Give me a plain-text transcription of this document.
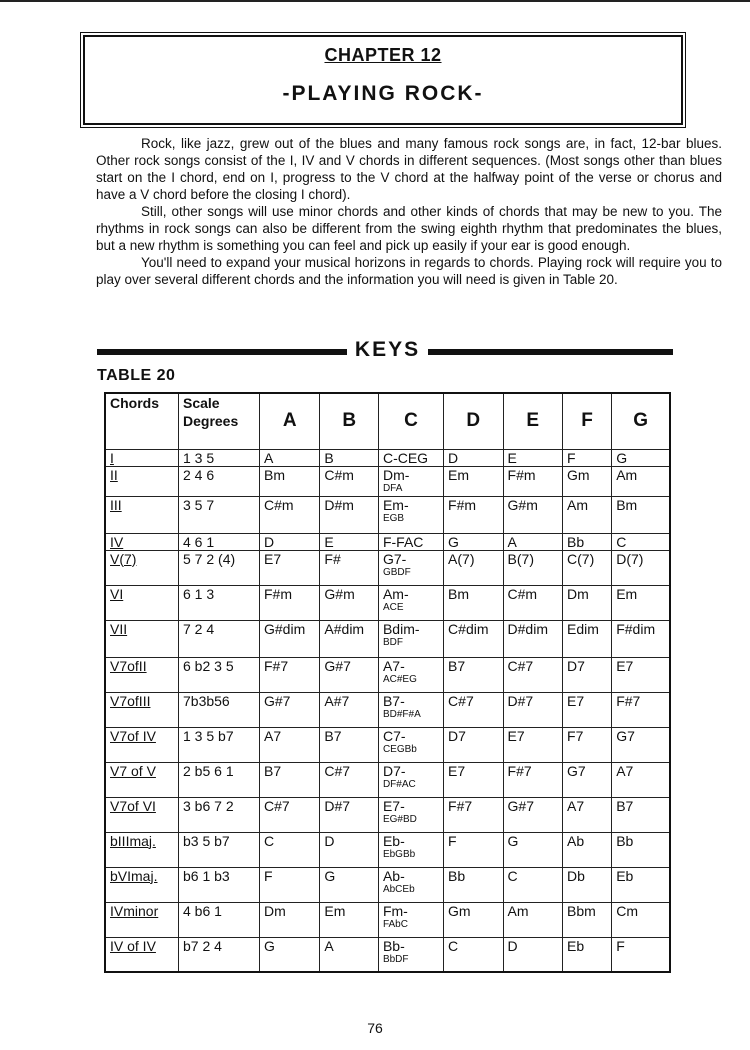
CHAPTER 12
-PLAYING ROCK-

Rock, like jazz, grew out of the blues and many famous rock songs are, in fact, 12-bar blues. Other rock songs consist of the I, IV and V chords in different sequences. (Most songs other than blues start on the I chord, end on I, progress to the V chord at the halfway point of the verse or chorus and have a V chord before the closing I chord).

Still, other songs will use minor chords and other kinds of chords that may be new to you. The rhythms in rock songs can also be different from the swing eighth rhythm that predominates the blues, but a new rhythm is something you can feel and pick up easily if your ear is good enough.

You'll need to expand your musical horizons in regards to chords. Playing rock will require you to play over several different chords and the information you will need is given in Table 20.

KEYS
TABLE 20
Chords	Scale Degrees	A	B	C	D	E	F	G
I	1 3 5	A	B	C-CEG	D	E	F	G
II	2 4 6	Bm	C#m	Dm-
DFA	Em	F#m	Gm	Am
III	3 5 7	C#m	D#m	Em-
EGB	F#m	G#m	Am	Bm
IV	4 6 1	D	E	F-FAC	G	A	Bb	C
V(7)	5 7 2 (4)	E7	F#	G7-
GBDF	A(7)	B(7)	C(7)	D(7)
VI	6 1 3	F#m	G#m	Am-
ACE	Bm	C#m	Dm	Em
VII	7 2 4	G#dim	A#dim	Bdim-
BDF	C#dim	D#dim	Edim	F#dim
V7ofII	6 b2 3 5	F#7	G#7	A7-
AC#EG	B7	C#7	D7	E7
V7ofIII	7b3b56	G#7	A#7	B7-
BD#F#A	C#7	D#7	E7	F#7
V7of IV	1 3 5 b7	A7	B7	C7-
CEGBb	D7	E7	F7	G7
V7 of V	2 b5 6 1	B7	C#7	D7-
DF#AC	E7	F#7	G7	A7
V7of VI	3 b6 7 2	C#7	D#7	E7-
EG#BD	F#7	G#7	A7	B7
bIIImaj.	b3 5 b7	C	D	Eb-
EbGBb	F	G	Ab	Bb
bVImaj.	b6 1 b3	F	G	Ab-
AbCEb	Bb	C	Db	Eb
IVminor	4 b6 1	Dm	Em	Fm-
FAbC	Gm	Am	Bbm	Cm
IV of IV	b7 2 4	G	A	Bb-
BbDF	C	D	Eb	F
76
